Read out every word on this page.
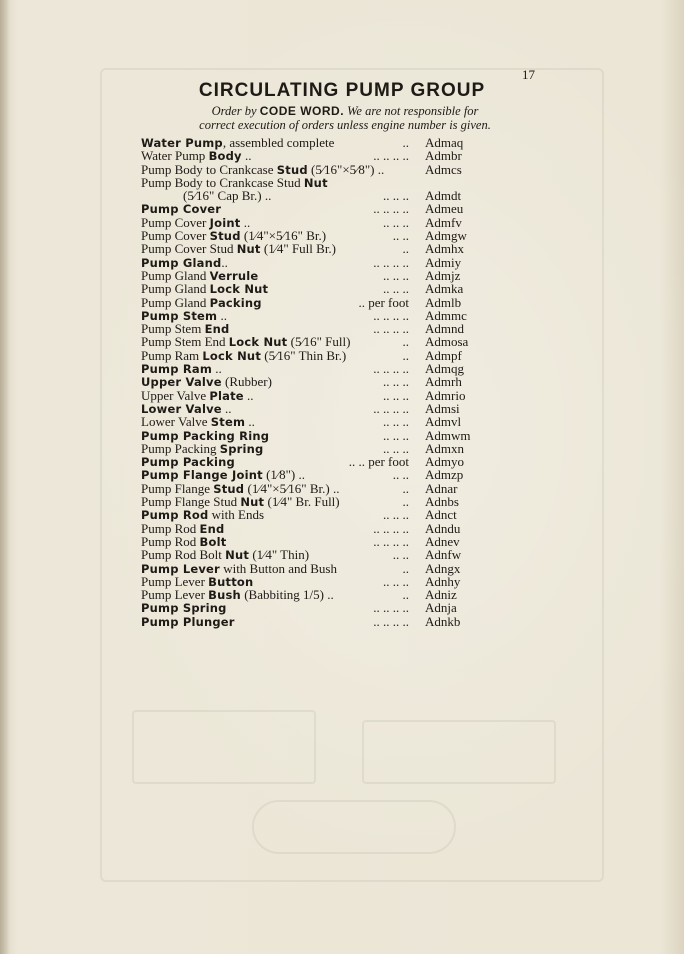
17
CIRCULATING PUMP GROUP
Order by CODE WORD. We are not responsible for
correct execution of orders unless engine number is given.
Water Pump, assembled complete	.. Admaq
Water Pump Body ..	.. .. .. .. Admbr
Pump Body to Crankcase Stud (5⁄16"×5⁄8") ..	Admcs
Pump Body to Crankcase Stud Nut
(5⁄16" Cap Br.) ..	.. .. .. Admdt
Pump Cover	.. .. .. .. Admeu
Pump Cover Joint ..	.. .. .. Admfv
Pump Cover Stud (1⁄4"×5⁄16" Br.)	.. .. Admgw
Pump Cover Stud Nut (1⁄4" Full Br.)	.. Admhx
Pump Gland..	.. .. .. .. Admiy
Pump Gland Verrule	.. .. .. Admjz
Pump Gland Lock Nut	.. .. .. Admka
Pump Gland Packing	.. per foot Admlb
Pump Stem ..	.. .. .. .. Admmc
Pump Stem End	.. .. .. .. Admnd
Pump Stem End Lock Nut (5⁄16" Full)	.. Admosa
Pump Ram Lock Nut (5⁄16" Thin Br.)	.. Admpf
Pump Ram ..	.. .. .. .. Admqg
Upper Valve (Rubber)	.. .. .. Admrh
Upper Valve Plate ..	.. .. .. Admrio
Lower Valve ..	.. .. .. .. Admsi
Lower Valve Stem ..	.. .. .. Admvl
Pump Packing Ring	.. .. .. Admwm
Pump Packing Spring	.. .. .. Admxn
Pump Packing	.. .. per foot Admyo
Pump Flange Joint (1⁄8") ..	.. .. Admzp
Pump Flange Stud (1⁄4"×5⁄16" Br.) ..	.. Adnar
Pump Flange Stud Nut (1⁄4" Br. Full)	.. Adnbs
Pump Rod with Ends	.. .. .. Adnct
Pump Rod End	.. .. .. .. Adndu
Pump Rod Bolt	.. .. .. .. Adnev
Pump Rod Bolt Nut (1⁄4" Thin)	.. .. Adnfw
Pump Lever with Button and Bush	.. Adngx
Pump Lever Button	.. .. .. Adnhy
Pump Lever Bush (Babbiting 1/5) ..	.. Adniz
Pump Spring	.. .. .. .. Adnja
Pump Plunger	.. .. .. .. Adnkb
